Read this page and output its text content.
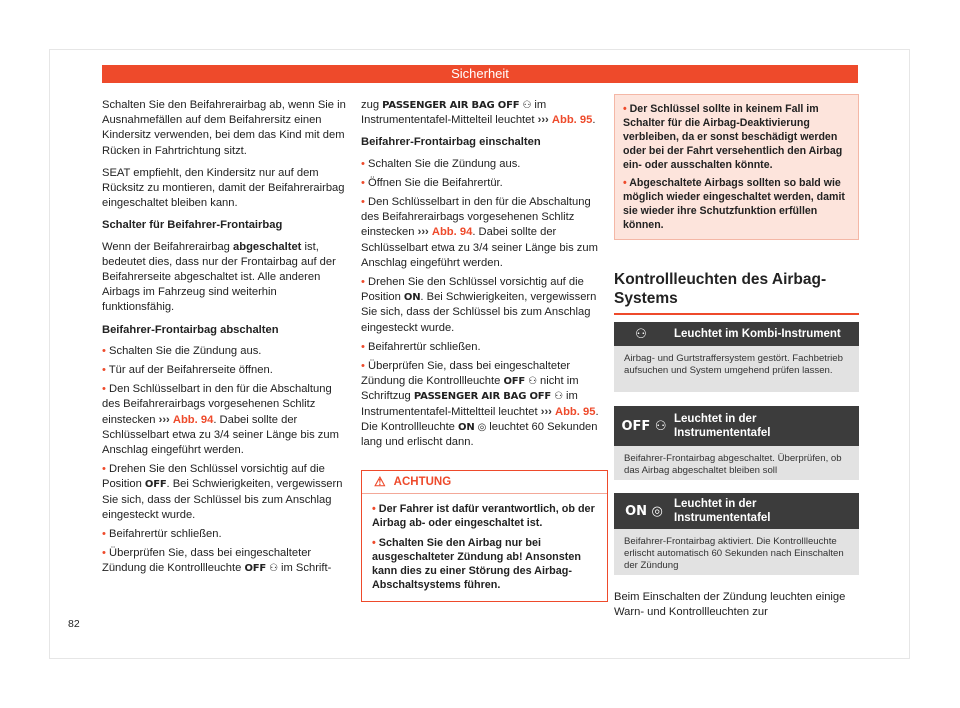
Sicherheit

Schalten Sie den Beifahrerairbag ab, wenn Sie in Ausnahmefällen auf dem Beifahrersitz einen Kindersitz verwenden, bei dem das Kind mit dem Rücken in Fahrtrichtung sitzt.

SEAT empfiehlt, den Kindersitz nur auf dem Rücksitz zu montieren, damit der Beifahrerairbag eingeschaltet bleiben kann.

Schalter für Beifahrer-Frontairbag

Wenn der Beifahrerairbag abgeschaltet ist, bedeutet dies, dass nur der Frontairbag auf der Beifahrerseite abgeschaltet ist. Alle anderen Airbags im Fahrzeug sind weiterhin funktionsfähig.

Beifahrer-Frontairbag abschalten

• Schalten Sie die Zündung aus.

• Tür auf der Beifahrerseite öffnen.

• Den Schlüsselbart in den für die Abschaltung des Beifahrerairbags vorgesehenen Schlitz einstecken ››› Abb. 94. Dabei sollte der Schlüsselbart etwa zu 3/4 seiner Länge bis zum Anschlag eingeführt werden.

• Drehen Sie den Schlüssel vorsichtig auf die Position OFF. Bei Schwierigkeiten, vergewissern Sie sich, dass der Schlüssel bis zum Anschlag eingesteckt wurde.

• Beifahrertür schließen.

• Überprüfen Sie, dass bei eingeschalteter Zündung die Kontrollleuchte OFF ⚇ im Schrift-

zug PASSENGER AIR BAG OFF ⚇ im Instrumententafel-Mittelteil leuchtet ››› Abb. 95.

Beifahrer-Frontairbag einschalten

• Schalten Sie die Zündung aus.

• Öffnen Sie die Beifahrertür.

• Den Schlüsselbart in den für die Abschaltung des Beifahrerairbags vorgesehenen Schlitz einstecken ››› Abb. 94. Dabei sollte der Schlüsselbart etwa zu 3/4 seiner Länge bis zum Anschlag eingeführt werden.

• Drehen Sie den Schlüssel vorsichtig auf die Position ON. Bei Schwierigkeiten, vergewissern Sie sich, dass der Schlüssel bis zum Anschlag eingesteckt wurde.

• Beifahrertür schließen.

• Überprüfen Sie, dass bei eingeschalteter Zündung die Kontrollleuchte OFF ⚇ nicht im Schriftzug PASSENGER AIR BAG OFF ⚇ im Instrumententafel-Mitteltteil leuchtet ››› Abb. 95. Die Kontrollleuchte ON ◎ leuchtet 60 Sekunden lang und erlischt dann.

⚠ ACHTUNG

• Der Fahrer ist dafür verantwortlich, ob der Airbag ab- oder eingeschaltet ist.

• Schalten Sie den Airbag nur bei ausgeschalteter Zündung ab! Ansonsten kann dies zu einer Störung des Airbag-Abschaltsystems führen.

• Der Schlüssel sollte in keinem Fall im Schalter für die Airbag-Deaktivierung verbleiben, da er sonst beschädigt werden oder bei der Fahrt versehentlich den Airbag ein- oder ausschalten könnte.

• Abgeschaltete Airbags sollten so bald wie möglich wieder eingeschaltet werden, damit sie wieder ihre Schutzfunktion erfüllen können.

Kontrollleuchten des Airbag-Systems
⚇	Leuchtet im Kombi-Instrument
Airbag- und Gurtstraffersystem gestört. Fachbetrieb aufsuchen und System umgehend prüfen lassen.
OFF ⚇ Leuchtet in der Instrumententafel
Beifahrer-Frontairbag abgeschaltet. Überprüfen, ob das Airbag abgeschaltet bleiben soll
ON ◎ Leuchtet in der Instrumententafel
Beifahrer-Frontairbag aktiviert. Die Kontrollleuchte erlischt automatisch 60 Sekunden nach Einschalten der Zündung
Beim Einschalten der Zündung leuchten einige Warn- und Kontrollleuchten zur
82
